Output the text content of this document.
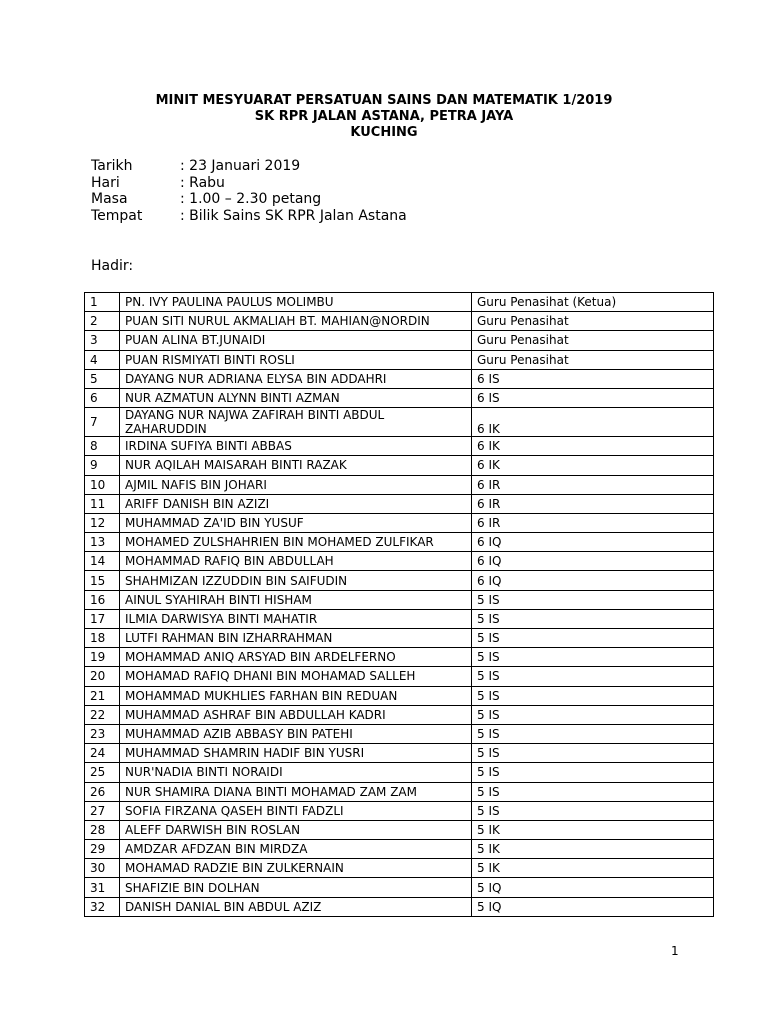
MINIT MESYUARAT PERSATUAN SAINS DAN MATEMATIK 1/2019
SK RPR JALAN ASTANA, PETRA JAYA
KUCHING
Tarikh	: 23 Januari 2019
Hari	: Rabu
Masa	: 1.00 – 2.30 petang
Tempat	: Bilik Sains SK RPR Jalan Astana
Hadir:
1	PN. IVY PAULINA PAULUS MOLIMBU	Guru Penasihat (Ketua)
2	PUAN SITI NURUL AKMALIAH BT. MAHIAN@NORDIN	Guru Penasihat
3	PUAN ALINA BT.JUNAIDI	Guru Penasihat
4	PUAN RISMIYATI BINTI ROSLI	Guru Penasihat
5	DAYANG NUR ADRIANA ELYSA BIN ADDAHRI	6 IS
6	NUR AZMATUN ALYNN BINTI AZMAN	6 IS
7	DAYANG NUR NAJWA ZAFIRAH BINTI ABDUL ZAHARUDDIN	6 IK
8	IRDINA SUFIYA BINTI ABBAS	6 IK
9	NUR AQILAH MAISARAH BINTI RAZAK	6 IK
10	AJMIL NAFIS BIN JOHARI	6 IR
11	ARIFF DANISH BIN AZIZI	6 IR
12	MUHAMMAD ZA'ID BIN YUSUF	6 IR
13	MOHAMED ZULSHAHRIEN BIN MOHAMED ZULFIKAR	6 IQ
14	MOHAMMAD RAFIQ BIN ABDULLAH	6 IQ
15	SHAHMIZAN IZZUDDIN BIN SAIFUDIN	6 IQ
16	AINUL SYAHIRAH BINTI HISHAM	5 IS
17	ILMIA DARWISYA BINTI MAHATIR	5 IS
18	LUTFI RAHMAN BIN IZHARRAHMAN	5 IS
19	MOHAMMAD ANIQ ARSYAD BIN ARDELFERNO	5 IS
20	MOHAMAD RAFIQ DHANI BIN MOHAMAD SALLEH	5 IS
21	MOHAMMAD MUKHLIES FARHAN BIN REDUAN	5 IS
22	MUHAMMAD ASHRAF BIN ABDULLAH KADRI	5 IS
23	MUHAMMAD AZIB ABBASY BIN PATEHI	5 IS
24	MUHAMMAD SHAMRIN HADIF BIN YUSRI	5 IS
25	NUR'NADIA BINTI NORAIDI	5 IS
26	NUR SHAMIRA DIANA BINTI MOHAMAD ZAM ZAM	5 IS
27	SOFIA FIRZANA QASEH BINTI FADZLI	5 IS
28	ALEFF DARWISH BIN ROSLAN	5 IK
29	AMDZAR AFDZAN BIN MIRDZA	5 IK
30	MOHAMAD RADZIE BIN ZULKERNAIN	5 IK
31	SHAFIZIE BIN DOLHAN	5 IQ
32	DANISH DANIAL BIN ABDUL AZIZ	5 IQ
1
